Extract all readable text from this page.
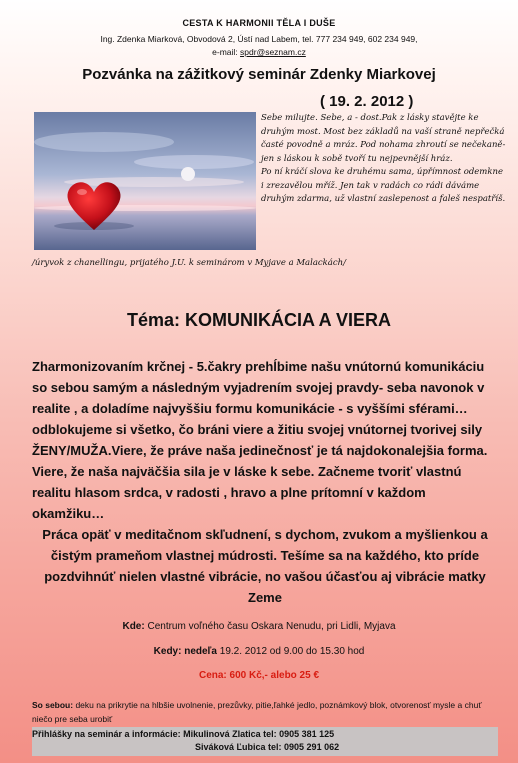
CESTA K HARMONII TĚLA I DUŠE
Ing. Zdenka Miarková, Obvodová 2, Ústí nad Labem, tel. 777 234 949, 602 234 949,
e-mail: spdr@seznam.cz
Pozvánka na zážitkový seminár Zdenky Miarkovej
( 19. 2. 2012 )

Sebe milujte. Sebe, a - dost.Pak z lásky stavějte ke druhým most. Most bez základů na vaší straně nepřečká časté povodně a mráz. Pod nohama zhroutí se nečekaně- jen s láskou k sobě tvoří tu nejpevnější hráz.

Po ní kráčí slova ke druhému sama, úpřímnost odemkne i zrezavělou mříž. Jen tak v radách co rádi dáváme druhým zdarma, už vlastní zaslepenost a faleš nespatříš.

/úryvok z chanellingu, prijatého J.U. k seminárom v Myjave a Malackách/
Téma: KOMUNIKÁCIA A VIERA
Zharmonizovaním krčnej - 5.čakry prehĺbime našu vnútornú komunikáciu so sebou samým a následným vyjadrením svojej pravdy- seba navonok v realite , a doladíme najvyššiu formu komunikácie - s vyššími sférami…odblokujeme si všetko, čo bráni viere a žitiu svojej vnútornej tvorivej sily ŽENY/MUŽA.Viere, že práve naša jedinečnosť je tá najdokonalejšia forma. Viere, že naša najväčšia sila je v láske k sebe. Začneme tvoriť vlastnú realitu hlasom srdca, v radosti , hravo a plne prítomní v každom okamžiku…
Práca opäť v meditačnom skľudnení, s dychom, zvukom a myšlienkou a čistým prameňom vlastnej múdrosti. Tešíme sa na každého, kto príde pozdvihnúť nielen vlastné vibrácie, no vašou účasťou aj vibrácie matky Zeme
Kde: Centrum voľného času Oskara Nenudu, pri Lidli, Myjava
Kedy: nedeľa 19.2. 2012 od 9.00 do 15.30 hod
Cena: 600 Kč,- alebo 25 €
So sebou: deku na prikrytie na hlbšie uvolnenie, prezůvky, pitie,ľahké jedlo, poznámkový blok, otvorenosť mysle a chuť niečo pre seba urobiť
Přihlášky na seminár a informácie: Mikulinová Zlatica tel: 0905 381 125
Siváková Ľubica tel: 0905 291 062
